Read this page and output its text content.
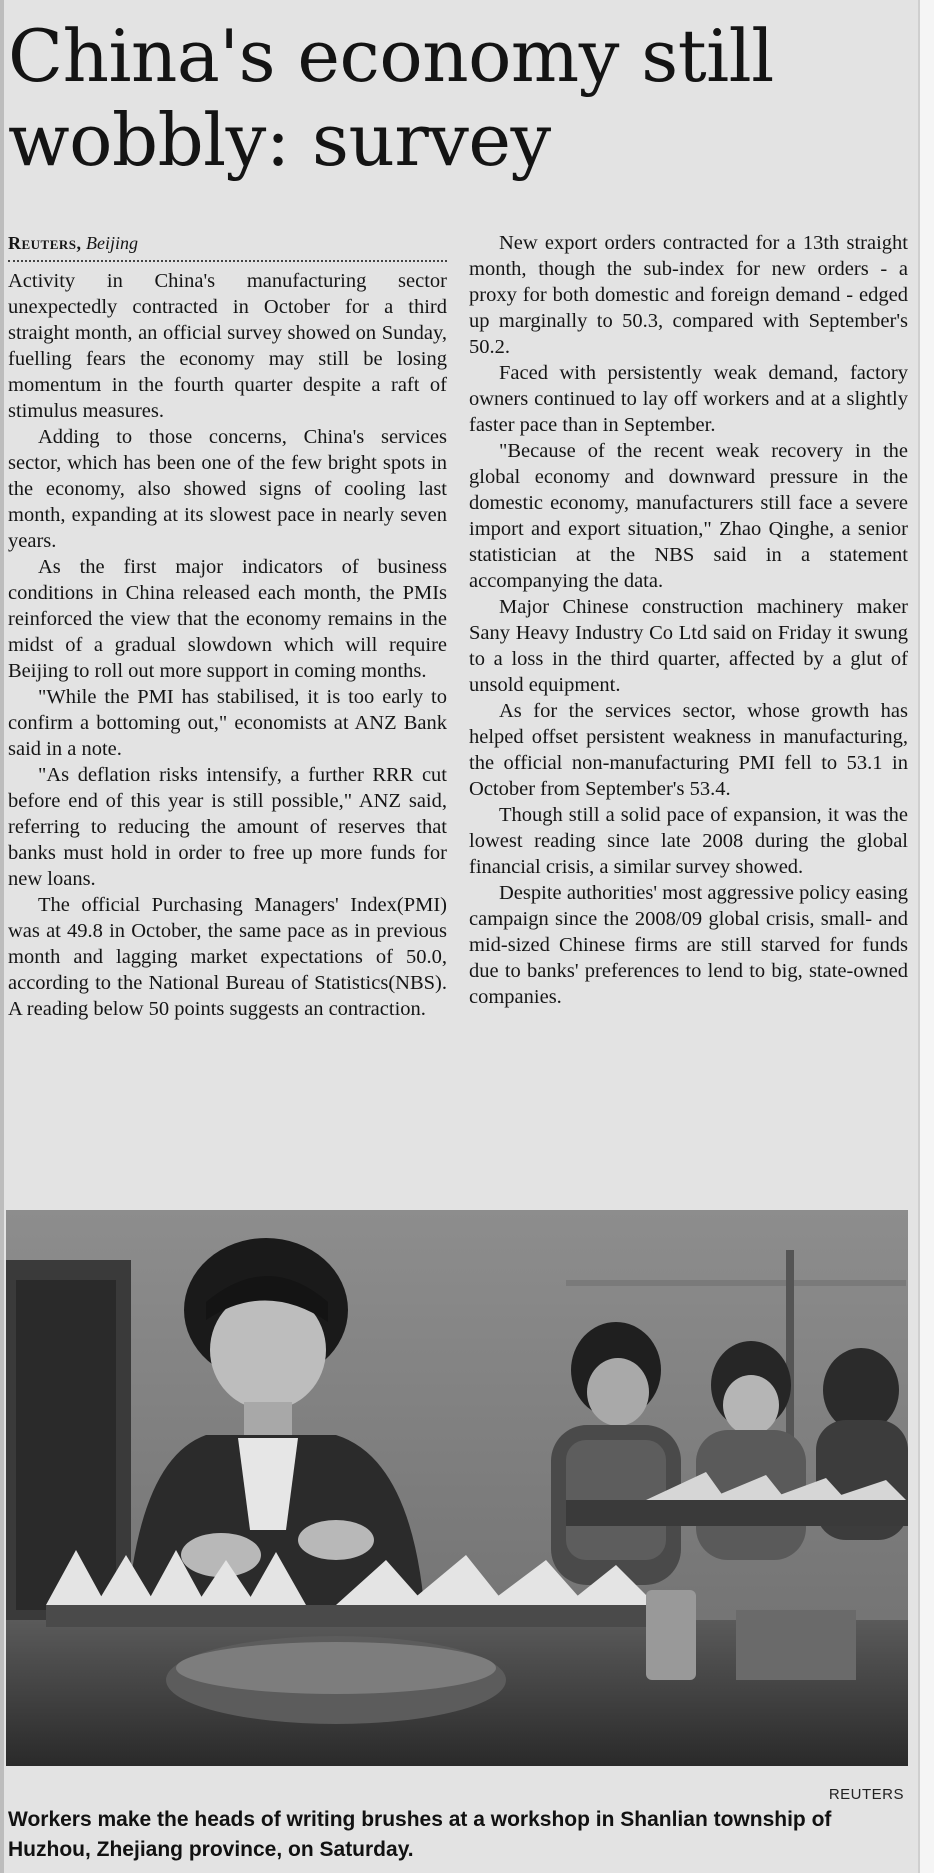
China's economy still wobbly: survey
Reuters, Beijing

Activity in China's manufacturing sector unexpectedly contracted in October for a third straight month, an official survey showed on Sunday, fuelling fears the economy may still be losing momentum in the fourth quarter despite a raft of stimulus measures.

Adding to those concerns, China's services sector, which has been one of the few bright spots in the economy, also showed signs of cooling last month, expanding at its slowest pace in nearly seven years.

As the first major indicators of business conditions in China released each month, the PMIs reinforced the view that the economy remains in the midst of a gradual slowdown which will require Beijing to roll out more support in coming months.

"While the PMI has stabilised, it is too early to confirm a bottoming out," economists at ANZ Bank said in a note.

"As deflation risks intensify, a further RRR cut before end of this year is still possible," ANZ said, referring to reducing the amount of reserves that banks must hold in order to free up more funds for new loans.

The official Purchasing Managers' Index(PMI) was at 49.8 in October, the same pace as in previous month and lagging market expectations of 50.0, according to the National Bureau of Statistics(NBS). A reading below 50 points suggests an contraction.

New export orders contracted for a 13th straight month, though the sub-index for new orders - a proxy for both domestic and foreign demand - edged up marginally to 50.3, compared with September's 50.2.

Faced with persistently weak demand, factory owners continued to lay off workers and at a slightly faster pace than in September.

"Because of the recent weak recovery in the global economy and downward pressure in the domestic economy, manufacturers still face a severe import and export situation," Zhao Qinghe, a senior statistician at the NBS said in a statement accompanying the data.

Major Chinese construction machinery maker Sany Heavy Industry Co Ltd said on Friday it swung to a loss in the third quarter, affected by a glut of unsold equipment.

As for the services sector, whose growth has helped offset persistent weakness in manufacturing, the official non-manufacturing PMI fell to 53.1 in October from September's 53.4.

Though still a solid pace of expansion, it was the lowest reading since late 2008 during the global financial crisis, a similar survey showed.

Despite authorities' most aggressive policy easing campaign since the 2008/09 global crisis, small- and mid-sized Chinese firms are still starved for funds due to banks' preferences to lend to big, state-owned companies.

REUTERS
Workers make the heads of writing brushes at a workshop in Shanlian township of Huzhou, Zhejiang province, on Saturday.
